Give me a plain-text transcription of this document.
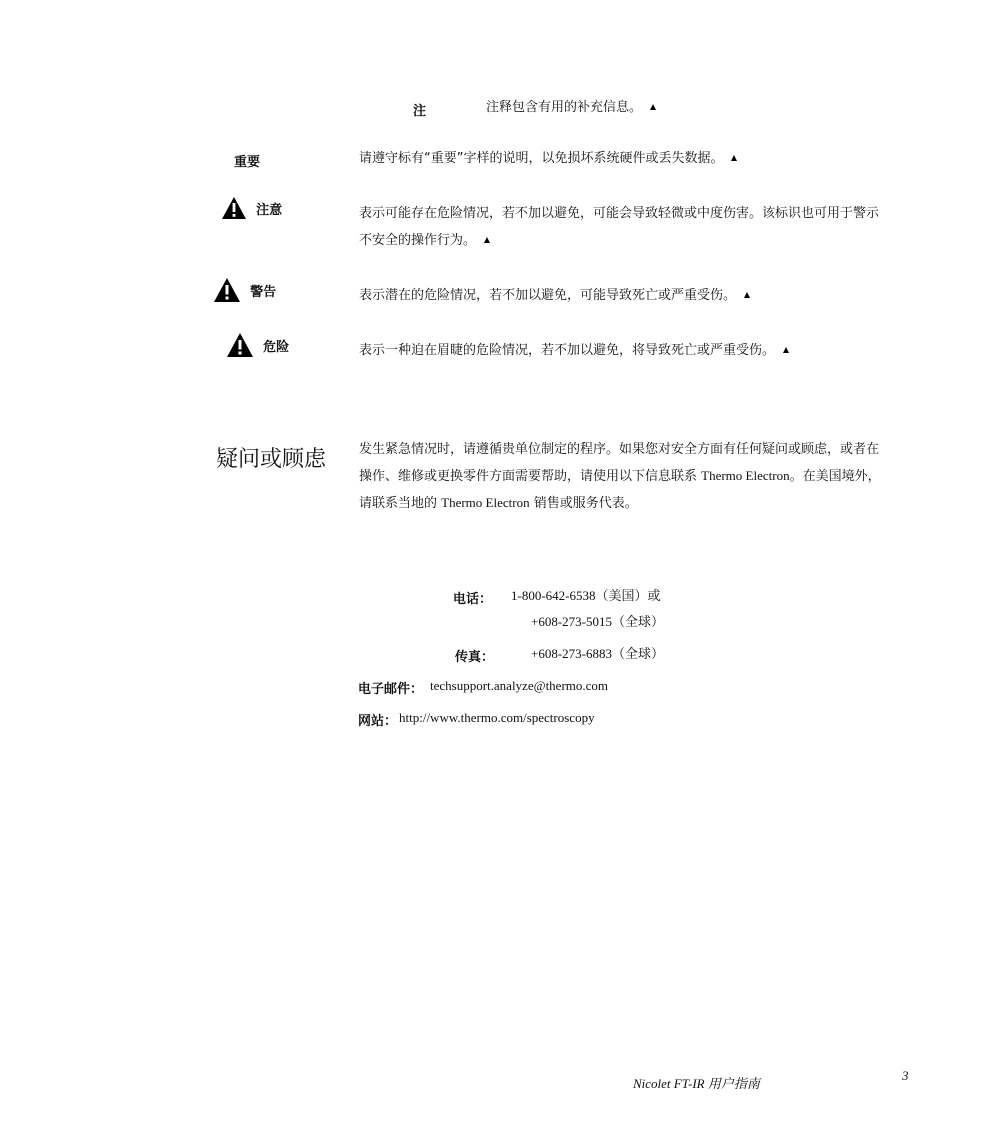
注	注释包含有用的补充信息。
重要	请遵守标有“重要”字样的说明，以免损坏系统硬件或丢失数据。
注意	表示可能存在危险情况，若不加以避免，可能会导致轻微或中度伤害。该标识也可用于警示
不安全的操作行为。
警告	表示潜在的危险情况，若不加以避免，可能导致死亡或严重受伤。
危险	表示一种迫在眉睫的危险情况，若不加以避免，将导致死亡或严重受伤。
疑问或顾虑	发生紧急情况时，请遵循贵单位制定的程序。如果您对安全方面有任何疑问或顾虑，或者在
操作、维修或更换零件方面需要帮助，请使用以下信息联系 Thermo Electron。在美国境外，
请联系当地的 Thermo Electron 销售或服务代表。
电话： 1-800-642-6538（美国）或
+608-273-5015（全球）
传真：	+608-273-6883（全球）
电子邮件： techsupport.analyze@thermo.com
网站： http://www.thermo.com/spectroscopy
Nicolet FT-IR 用户指南
3
